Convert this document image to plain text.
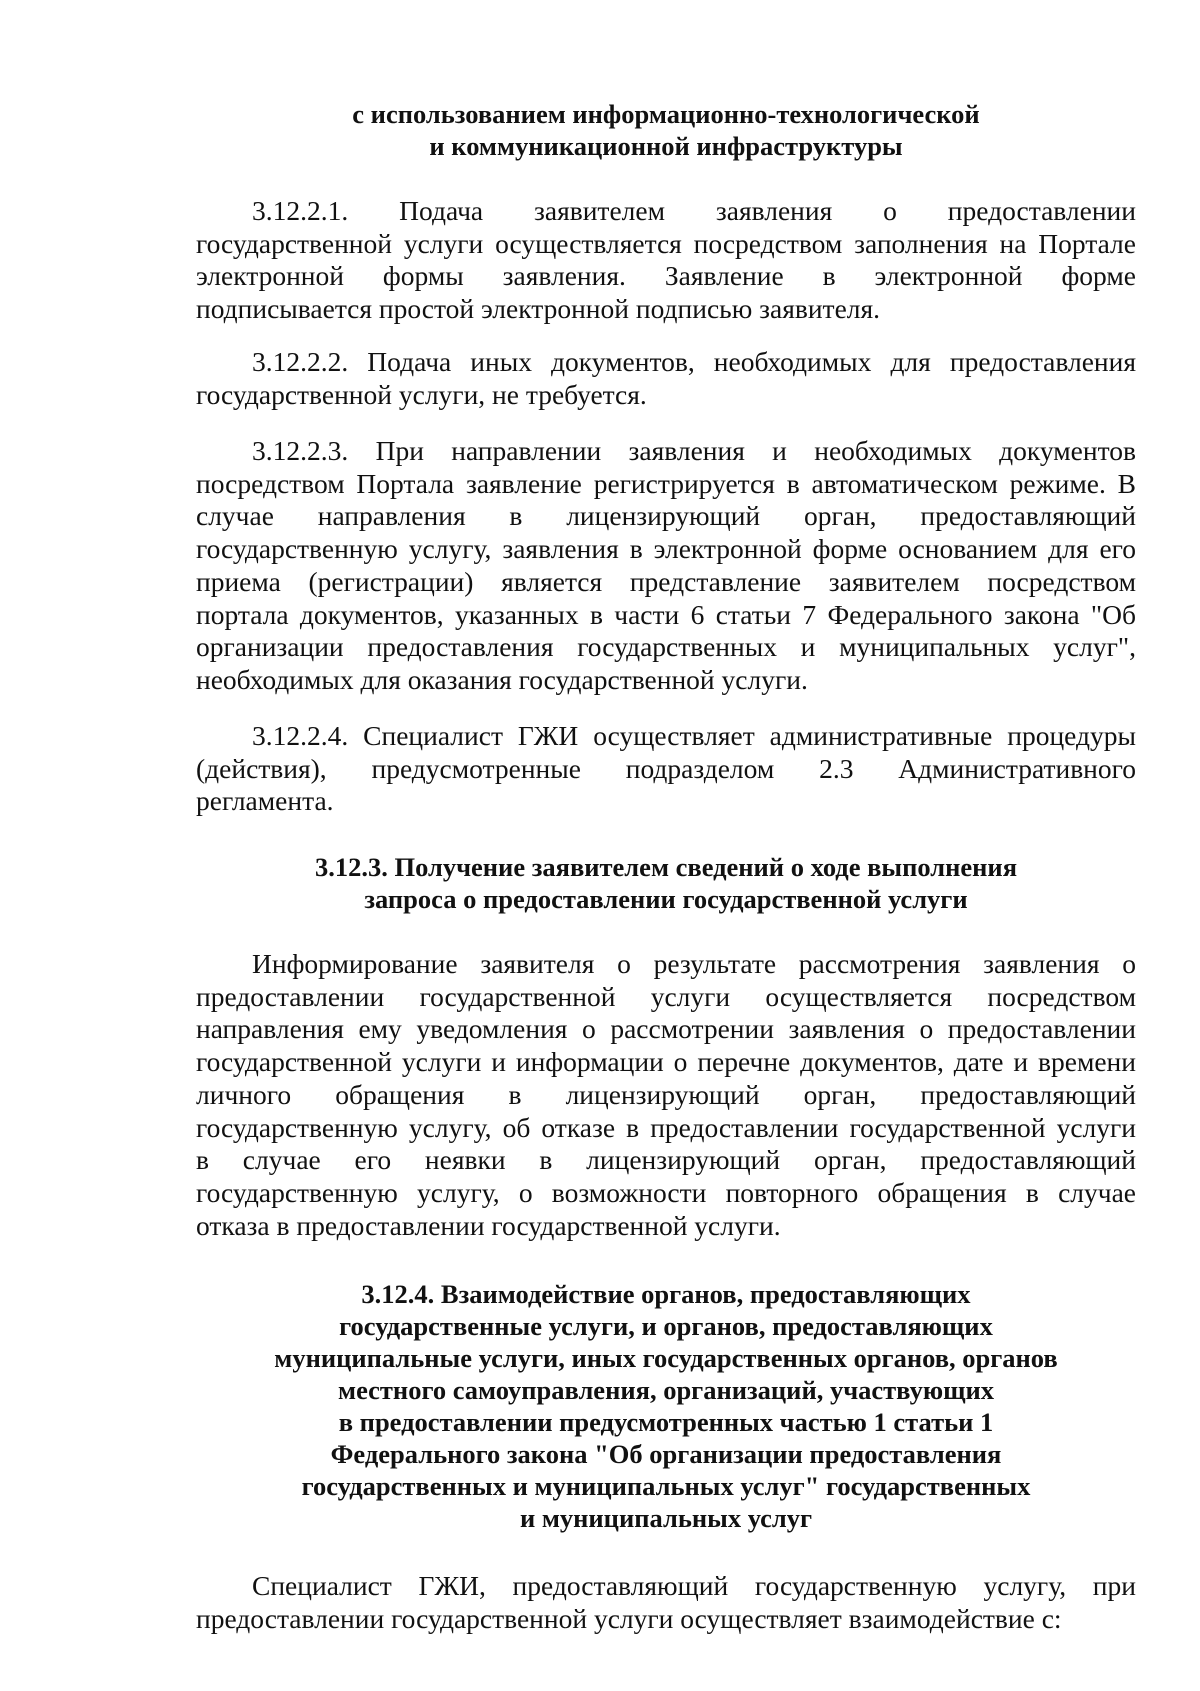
с использованием информационно-технологической
и коммуникационной инфраструктуры

3.12.2.1. Подача заявителем заявления о предоставлении
государственной услуги осуществляется посредством заполнения на Портале
электронной формы заявления. Заявление в электронной форме
подписывается простой электронной подписью заявителя.

3.12.2.2. Подача иных документов, необходимых для предоставления
государственной услуги, не требуется.

3.12.2.3. При направлении заявления и необходимых документов
посредством Портала заявление регистрируется в автоматическом режиме. В
случае направления в лицензирующий орган, предоставляющий
государственную услугу, заявления в электронной форме основанием для его
приема (регистрации) является представление заявителем посредством
портала документов, указанных в части 6 статьи 7 Федерального закона "Об
организации предоставления государственных и муниципальных услуг",
необходимых для оказания государственной услуги.

3.12.2.4. Специалист ГЖИ осуществляет административные процедуры
(действия), предусмотренные подразделом 2.3 Административного
регламента.

3.12.3. Получение заявителем сведений о ходе выполнения
запроса о предоставлении государственной услуги

Информирование заявителя о результате рассмотрения заявления о
предоставлении государственной услуги осуществляется посредством
направления ему уведомления о рассмотрении заявления о предоставлении
государственной услуги и информации о перечне документов, дате и времени
личного обращения в лицензирующий орган, предоставляющий
государственную услугу, об отказе в предоставлении государственной услуги
в случае его неявки в лицензирующий орган, предоставляющий
государственную услугу, о возможности повторного обращения в случае
отказа в предоставлении государственной услуги.

3.12.4. Взаимодействие органов, предоставляющих
государственные услуги, и органов, предоставляющих
муниципальные услуги, иных государственных органов, органов
местного самоуправления, организаций, участвующих
в предоставлении предусмотренных частью 1 статьи 1
Федерального закона "Об организации предоставления
государственных и муниципальных услуг" государственных
и муниципальных услуг

Специалист ГЖИ, предоставляющий государственную услугу, при
предоставлении государственной услуги осуществляет взаимодействие с:
